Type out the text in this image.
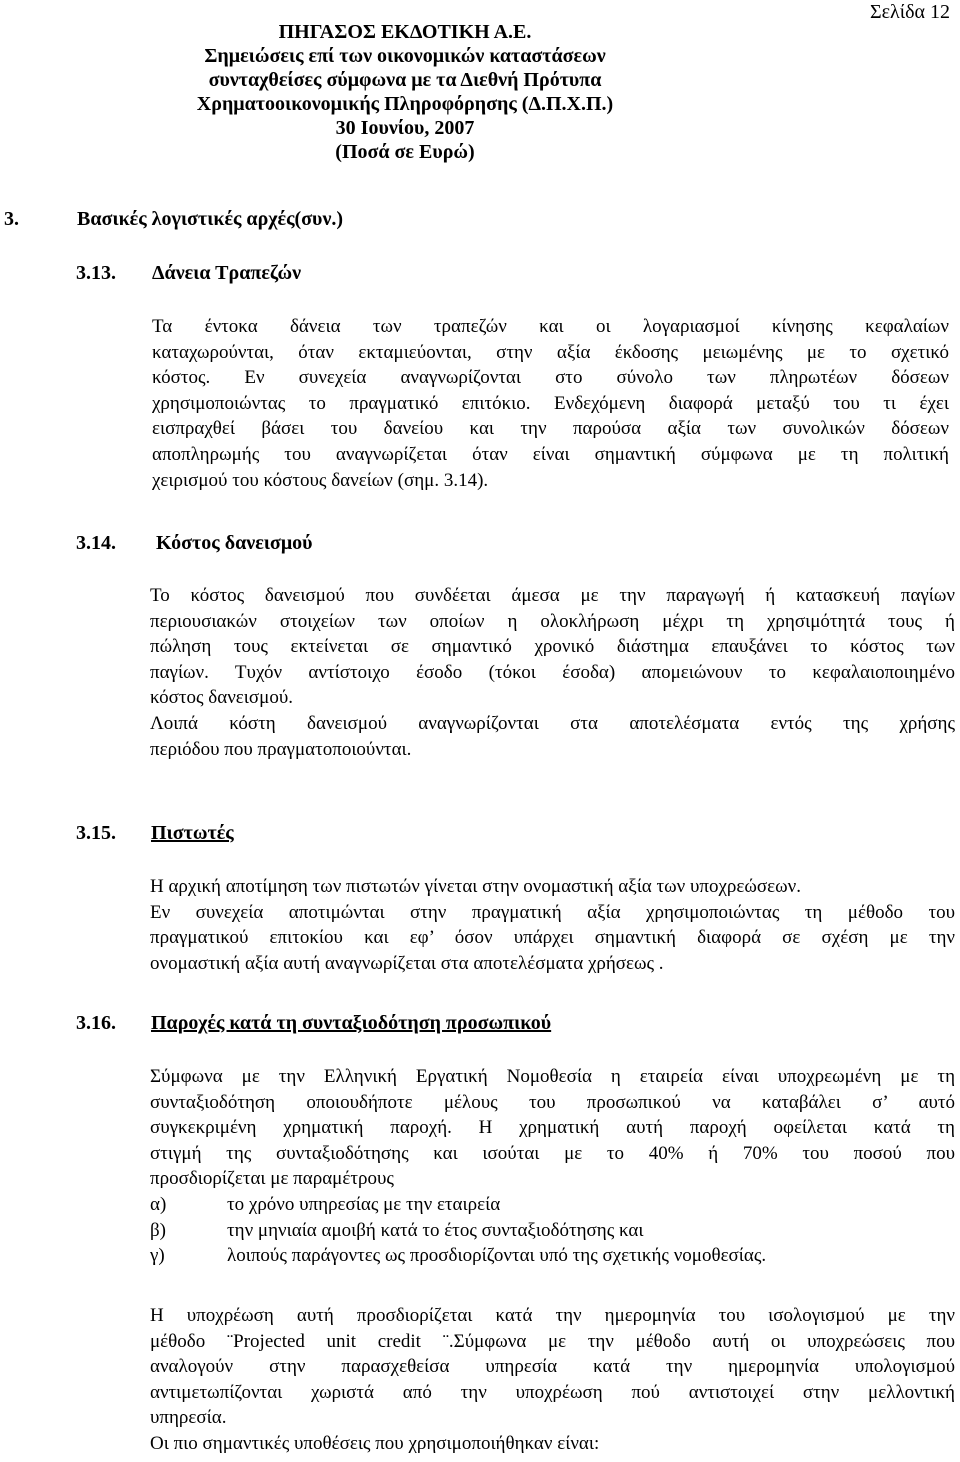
Σελίδα 12
ΠΗΓΑΣΟΣ ΕΚΔΟΤΙΚΗ Α.Ε.
Σημειώσεις επί των οικονομικών καταστάσεων
συνταχθείσες σύμφωνα με τα Διεθνή Πρότυπα
Χρηματοοικονομικής Πληροφόρησης (Δ.Π.Χ.Π.)
30 Ιουνίου, 2007
(Ποσά σε Ευρώ)
3.	Βασικές λογιστικές αρχές(συν.)
3.13. Δάνεια Τραπεζών
Τα έντοκα δάνεια των τραπεζών και οι λογαριασμοί κίνησης κεφαλαίων
καταχωρούνται, όταν εκταμιεύονται, στην αξία έκδοσης μειωμένης με το σχετικό
κόστος. Εν συνεχεία αναγνωρίζονται στο σύνολο των πληρωτέων δόσεων
χρησιμοποιώντας το πραγματικό επιτόκιο. Ενδεχόμενη διαφορά μεταξύ του τι έχει
εισπραχθεί βάσει του δανείου και την παρούσα αξία των συνολικών δόσεων
αποπληρωμής του αναγνωρίζεται όταν είναι σημαντική σύμφωνα με τη πολιτική
χειρισμού του κόστους δανείων (σημ. 3.14).
3.14. Κόστος δανεισμού
Το κόστος δανεισμού που συνδέεται άμεσα με την παραγωγή ή κατασκευή παγίων
περιουσιακών στοιχείων των οποίων η ολοκλήρωση μέχρι τη χρησιμότητά τους ή
πώληση τους εκτείνεται σε σημαντικό χρονικό διάστημα επαυξάνει το κόστος των
παγίων. Τυχόν αντίστοιχο έσοδο (τόκοι έσοδα) απομειώνουν το κεφαλαιοποιημένο
κόστος δανεισμού.
Λοιπά κόστη δανεισμού αναγνωρίζονται στα αποτελέσματα εντός της χρήσης
περιόδου που πραγματοποιούνται.
3.15. Πιστωτές
Η αρχική αποτίμηση των πιστωτών γίνεται στην ονομαστική αξία των υποχρεώσεων.
Εν συνεχεία αποτιμώνται στην πραγματική αξία χρησιμοποιώντας τη μέθοδο του
πραγματικού επιτοκίου και εφ’ όσον υπάρχει σημαντική διαφορά σε σχέση με την
ονομαστική αξία αυτή αναγνωρίζεται στα αποτελέσματα χρήσεως .
3.16. Παροχές κατά τη συνταξιοδότηση προσωπικού
Σύμφωνα με την Ελληνική Εργατική Νομοθεσία η εταιρεία είναι υποχρεωμένη με τη
συνταξιοδότηση οποιουδήποτε μέλους του προσωπικού να καταβάλει σ’ αυτό
συγκεκριμένη χρηματική παροχή. Η χρηματική αυτή παροχή οφείλεται κατά τη
στιγμή της συνταξιοδότησης και ισούται με το 40% ή 70% του ποσού που
προσδιορίζεται με παραμέτρους
α)	το χρόνο υπηρεσίας με την εταιρεία
β)	την μηνιαία αμοιβή κατά το έτος συνταξιοδότησης και
γ)	λοιπούς παράγοντες ως προσδιορίζονται υπό της σχετικής νομοθεσίας.
Η υποχρέωση αυτή προσδιορίζεται κατά την ημερομηνία του ισολογισμού με την
μέθοδο ¨Projected unit credit ¨.Σύμφωνα με την μέθοδο αυτή οι υποχρεώσεις που
αναλογούν στην παρασχεθείσα υπηρεσία κατά την ημερομηνία υπολογισμού
αντιμετωπίζονται χωριστά από την υποχρέωση πού αντιστοιχεί στην μελλοντική
υπηρεσία.
Οι πιο σημαντικές υποθέσεις που χρησιμοποιήθηκαν είναι:
